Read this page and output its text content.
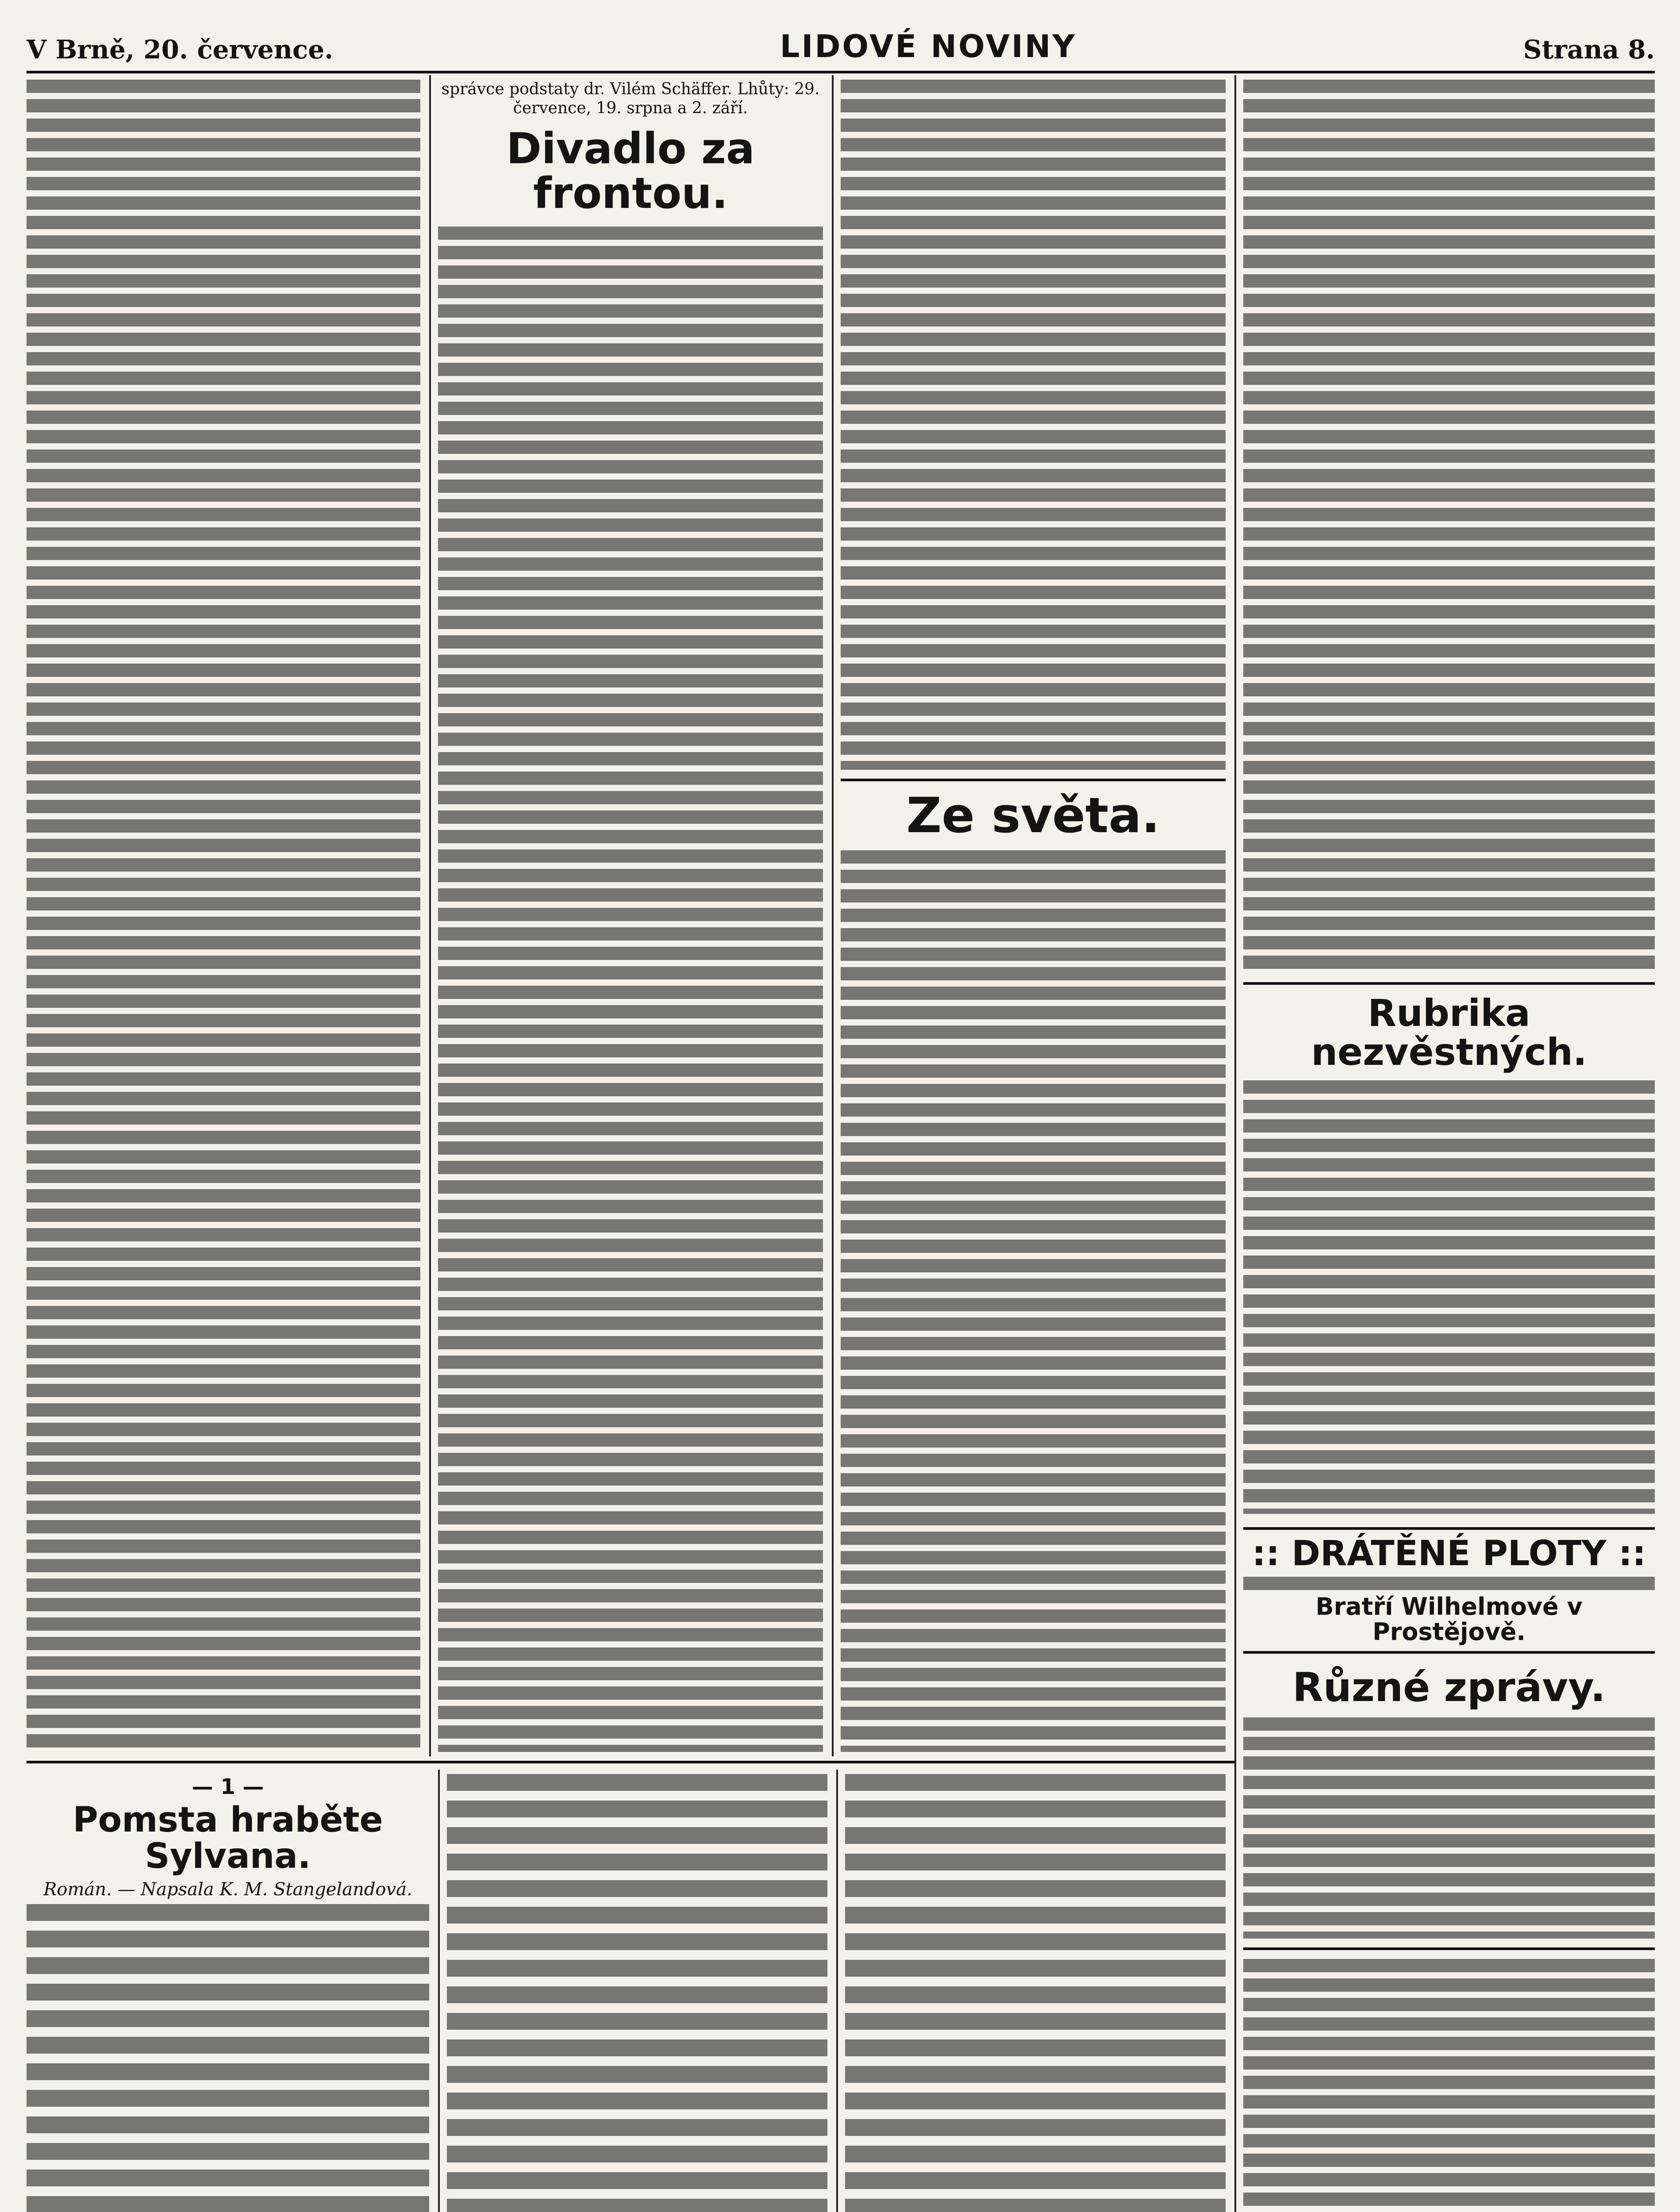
V Brně, 20. července.	LIDOVÉ NOVINY	Strana 8.
správce podstaty dr. Vilém Schäffer. Lhůty: 29. července, 19. srpna a 2. září.
Divadlo za frontou.
Ze světa.
Rubrika nezvěstných.
:: DRÁTĚNÉ PLOTY ::
Bratří Wilhelmové v Prostějově.
Různé zprávy.
— 1 —
Pomsta hraběte Sylvana.
Román. — Napsala K. M. Stangelandová.
